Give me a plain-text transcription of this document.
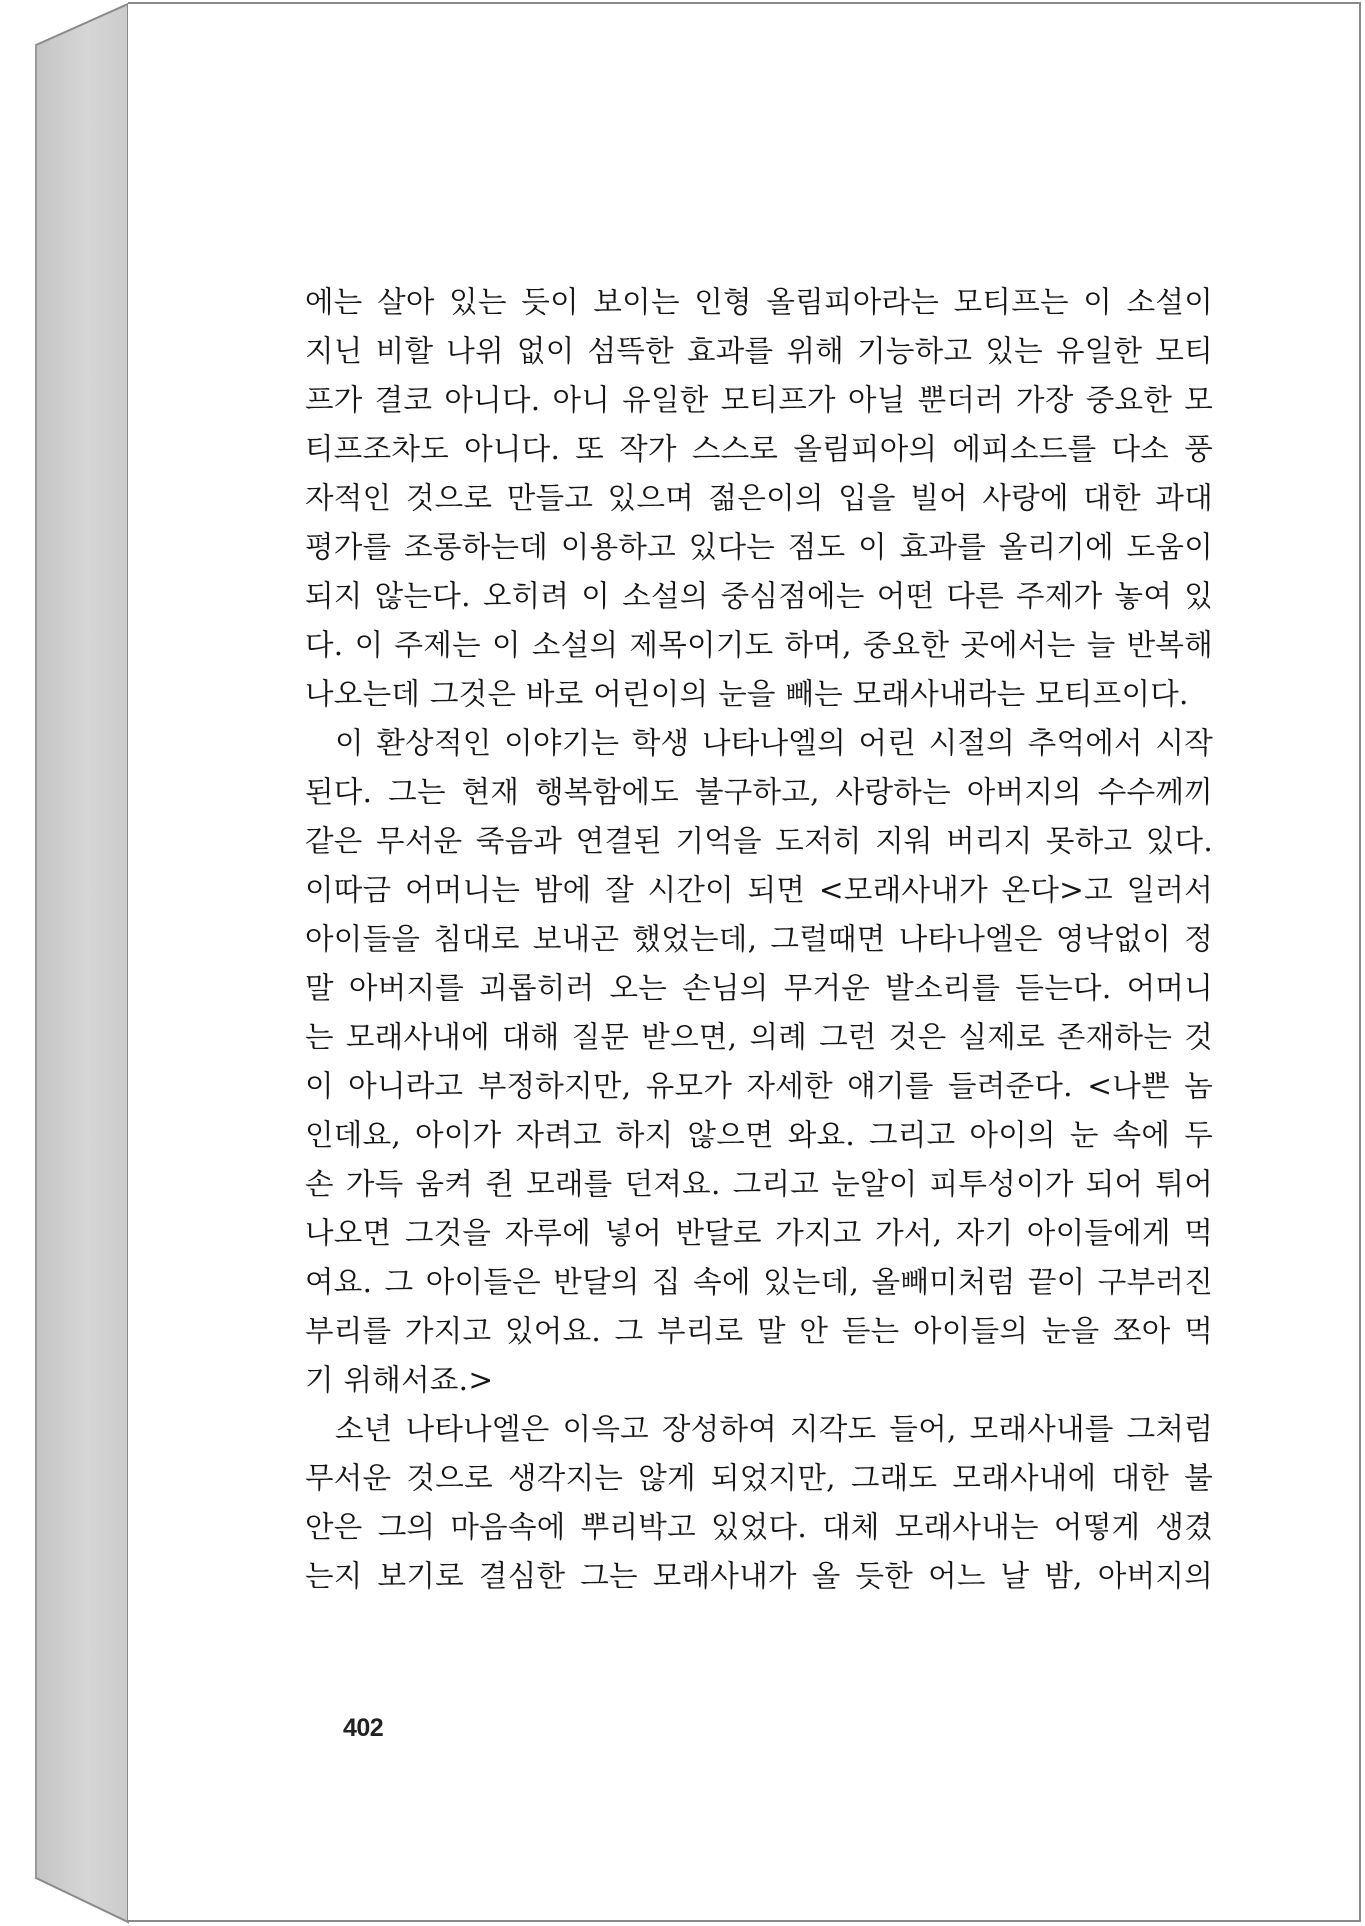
에는 살아 있는 듯이 보이는 인형 올림피아라는 모티프는 이 소설이
지닌 비할 나위 없이 섬뜩한 효과를 위해 기능하고 있는 유일한 모티
프가 결코 아니다. 아니 유일한 모티프가 아닐 뿐더러 가장 중요한 모
티프조차도 아니다. 또 작가 스스로 올림피아의 에피소드를 다소 풍
자적인 것으로 만들고 있으며 젊은이의 입을 빌어 사랑에 대한 과대
평가를 조롱하는데 이용하고 있다는 점도 이 효과를 올리기에 도움이
되지 않는다. 오히려 이 소설의 중심점에는 어떤 다른 주제가 놓여 있
다. 이 주제는 이 소설의 제목이기도 하며, 중요한 곳에서는 늘 반복해
나오는데 그것은 바로 어린이의 눈을 빼는 모래사내라는 모티프이다.
이 환상적인 이야기는 학생 나타나엘의 어린 시절의 추억에서 시작
된다. 그는 현재 행복함에도 불구하고, 사랑하는 아버지의 수수께끼
같은 무서운 죽음과 연결된 기억을 도저히 지워 버리지 못하고 있다.
이따금 어머니는 밤에 잘 시간이 되면 <모래사내가 온다>고 일러서
아이들을 침대로 보내곤 했었는데, 그럴때면 나타나엘은 영낙없이 정
말 아버지를 괴롭히러 오는 손님의 무거운 발소리를 듣는다. 어머니
는 모래사내에 대해 질문 받으면, 의례 그런 것은 실제로 존재하는 것
이 아니라고 부정하지만, 유모가 자세한 얘기를 들려준다. <나쁜 놈
인데요, 아이가 자려고 하지 않으면 와요. 그리고 아이의 눈 속에 두
손 가득 움켜 쥔 모래를 던져요. 그리고 눈알이 피투성이가 되어 튀어
나오면 그것을 자루에 넣어 반달로 가지고 가서, 자기 아이들에게 먹
여요. 그 아이들은 반달의 집 속에 있는데, 올빼미처럼 끝이 구부러진
부리를 가지고 있어요. 그 부리로 말 안 듣는 아이들의 눈을 쪼아 먹
기 위해서죠.>
소년 나타나엘은 이윽고 장성하여 지각도 들어, 모래사내를 그처럼
무서운 것으로 생각지는 않게 되었지만, 그래도 모래사내에 대한 불
안은 그의 마음속에 뿌리박고 있었다. 대체 모래사내는 어떻게 생겼
는지 보기로 결심한 그는 모래사내가 올 듯한 어느 날 밤, 아버지의
402
